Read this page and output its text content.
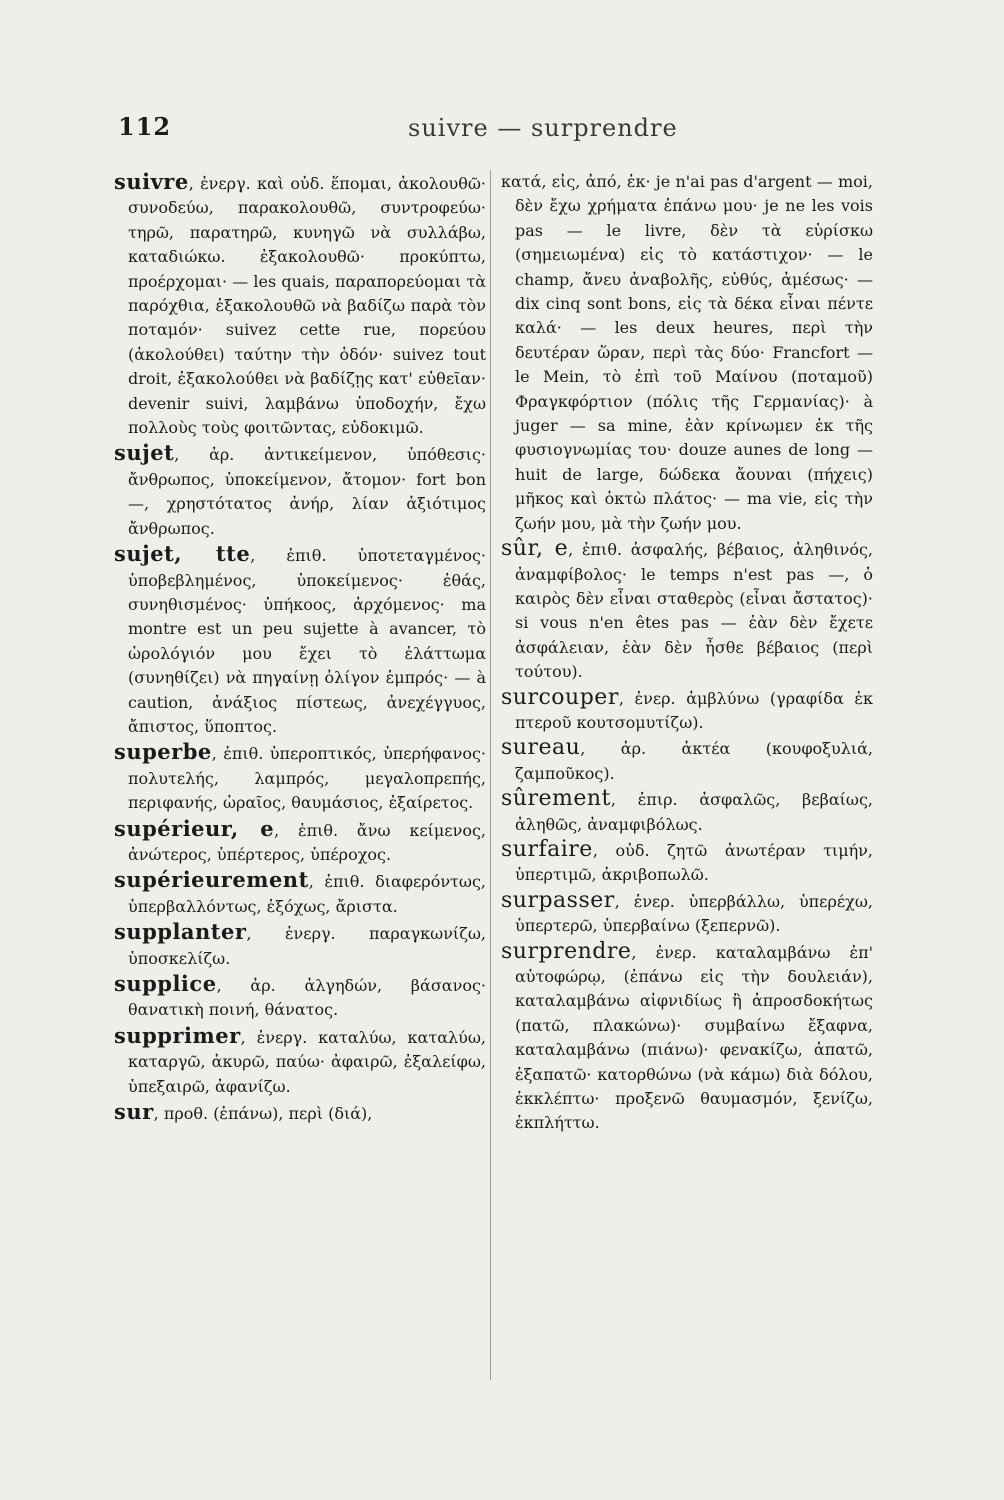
112	suivre — surprendre

suivre, ἐνεργ. καὶ οὐδ. ἕπομαι, ἀκολουθῶ· συνοδεύω, παρακολουθῶ, συντροφεύω· τηρῶ, παρατηρῶ, κυνηγῶ νὰ συλλάβω, καταδιώκω. ἐξακολουθῶ· προκύπτω, προέρχομαι· — les quais, παραπορεύομαι τὰ παρόχθια, ἐξακολουθῶ νὰ βαδίζω παρὰ τὸν ποταμόν· suivez cette rue, πορεύου (ἀκολούθει) ταύτην τὴν ὁδόν· suivez tout droit, ἐξακολούθει νὰ βαδίζῃς κατ' εὐθεῖαν· devenir suivi, λαμβάνω ὑποδοχήν, ἔχω πολλοὺς τοὺς φοιτῶντας, εὐδοκιμῶ.

sujet, ἀρ. ἀντικείμενον, ὑπόθεσις· ἄνθρωπος, ὑποκείμενον, ἄτομον· fort bon —, χρηστότατος ἀνήρ, λίαν ἀξιότιμος ἄνθρωπος.

sujet, tte, ἐπιθ. ὑποτεταγμένος· ὑποβεβλημένος, ὑποκείμενος· ἐθάς, συνηθισμένος· ὑπήκοος, ἀρχόμενος· ma montre est un peu sujette à avancer, τὸ ὡρολόγιόν μου ἔχει τὸ ἐλάττωμα (συνηθίζει) νὰ πηγαίνῃ ὀλίγον ἐμπρός· — à caution, ἀνάξιος πίστεως, ἀνεχέγγυος, ἄπιστος, ὕποπτος.

superbe, ἐπιθ. ὑπεροπτικός, ὑπερήφανος· πολυτελής, λαμπρός, μεγαλοπρεπής, περιφανής, ὡραῖος, θαυμάσιος, ἐξαίρετος.

supérieur, e, ἐπιθ. ἄνω κείμενος, ἀνώτερος, ὑπέρτερος, ὑπέροχος.

supérieurement, ἐπιθ. διαφερόντως, ὑπερβαλλόντως, ἐξόχως, ἄριστα.

supplanter, ἐνεργ. παραγκωνίζω, ὑποσκελίζω.

supplice, ἀρ. ἀλγηδών, βάσανος· θανατικὴ ποινή, θάνατος.

supprimer, ἐνεργ. καταλύω, καταλύω, καταργῶ, ἀκυρῶ, παύω· ἀφαιρῶ, ἐξαλείφω, ὑπεξαιρῶ, ἀφανίζω.

sur, προθ. (ἐπάνω), περὶ (διά),

κατά, εἰς, ἀπό, ἐκ· je n'ai pas d'argent — moi, δὲν ἔχω χρήματα ἐπάνω μου· je ne les vois pas — le livre, δὲν τὰ εὑρίσκω (σημειωμένα) εἰς τὸ κατάστιχον· — le champ, ἄνευ ἀναβολῆς, εὐθύς, ἀμέσως· — dix cinq sont bons, εἰς τὰ δέκα εἶναι πέντε καλά· — les deux heures, περὶ τὴν δευτέραν ὥραν, περὶ τὰς δύο· Francfort — le Mein, τὸ ἐπὶ τοῦ Μαίνου (ποταμοῦ) Φραγκφόρτιον (πόλις τῆς Γερμανίας)· à juger — sa mine, ἐὰν κρίνωμεν ἐκ τῆς φυσιογνωμίας του· douze aunes de long — huit de large, δώδεκα ἄουναι (πήχεις) μῆκος καὶ ὀκτὼ πλάτος· — ma vie, εἰς τὴν ζωήν μου, μὰ τὴν ζωήν μου.

sûr, e, ἐπιθ. ἀσφαλής, βέβαιος, ἀληθινός, ἀναμφίβολος· le temps n'est pas —, ὁ καιρὸς δὲν εἶναι σταθερὸς (εἶναι ἄστατος)· si vous n'en êtes pas — ἐὰν δὲν ἔχετε ἀσφάλειαν, ἐὰν δὲν ἦσθε βέβαιος (περὶ τούτου).

surcouper, ἐνερ. ἀμβλύνω (γραφίδα ἐκ πτεροῦ κουτσομυτίζω).

sureau, ἀρ. ἀκτέα (κουφοξυλιά, ζαμποῦκος).

sûrement, ἐπιρ. ἀσφαλῶς, βεβαίως, ἀληθῶς, ἀναμφιβόλως.

surfaire, οὐδ. ζητῶ ἀνωτέραν τιμήν, ὑπερτιμῶ, ἀκριβοπωλῶ.

surpasser, ἐνερ. ὑπερβάλλω, ὑπερέχω, ὑπερτερῶ, ὑπερβαίνω (ξεπερνῶ).

surprendre, ἐνερ. καταλαμβάνω ἐπ' αὐτοφώρῳ, (ἐπάνω εἰς τὴν δουλειάν), καταλαμβάνω αἰφνιδίως ἢ ἀπροσδοκήτως (πατῶ, πλακώνω)· συμβαίνω ἔξαφνα, καταλαμβάνω (πιάνω)· φενακίζω, ἀπατῶ, ἐξαπατῶ· κατορθώνω (νὰ κάμω) διὰ δόλου, ἐκκλέπτω· προξενῶ θαυμασμόν, ξενίζω, ἐκπλήττω.
